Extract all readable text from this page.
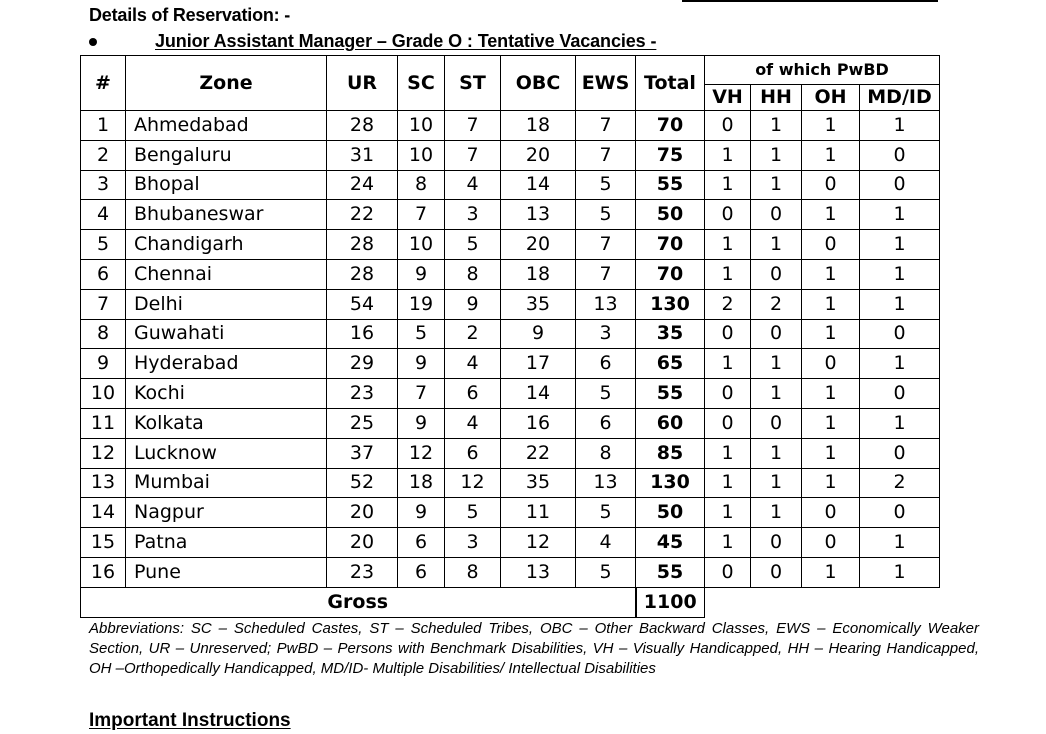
Details of Reservation: -
Junior Assistant Manager – Grade O : Tentative Vacancies -
#	Zone	UR	SC	ST	OBC	EWS	Total	of which PwBD			
								VH	HH	OH	MD/ID
1	Ahmedabad	28	10	7	18	7	70	0	1	1	1
2	Bengaluru	31	10	7	20	7	75	1	1	1	0
3	Bhopal	24	8	4	14	5	55	1	1	0	0
4	Bhubaneswar	22	7	3	13	5	50	0	0	1	1
5	Chandigarh	28	10	5	20	7	70	1	1	0	1
6	Chennai	28	9	8	18	7	70	1	0	1	1
7	Delhi	54	19	9	35	13	130	2	2	1	1
8	Guwahati	16	5	2	9	3	35	0	0	1	0
9	Hyderabad	29	9	4	17	6	65	1	1	0	1
10	Kochi	23	7	6	14	5	55	0	1	1	0
11	Kolkata	25	9	4	16	6	60	0	0	1	1
12	Lucknow	37	12	6	22	8	85	1	1	1	0
13	Mumbai	52	18	12	35	13	130	1	1	1	2
14	Nagpur	20	9	5	11	5	50	1	1	0	0
15	Patna	20	6	3	12	4	45	1	0	0	1
16	Pune	23	6	8	13	5	55	0	0	1	1
Gross							1100				
Abbreviations: SC – Scheduled Castes, ST – Scheduled Tribes, OBC – Other Backward Classes, EWS – Economically Weaker Section, UR – Unreserved; PwBD – Persons with Benchmark Disabilities, VH – Visually Handicapped, HH – Hearing Handicapped, OH –Orthopedically Handicapped, MD/ID- Multiple Disabilities/ Intellectual Disabilities
Important Instructions
